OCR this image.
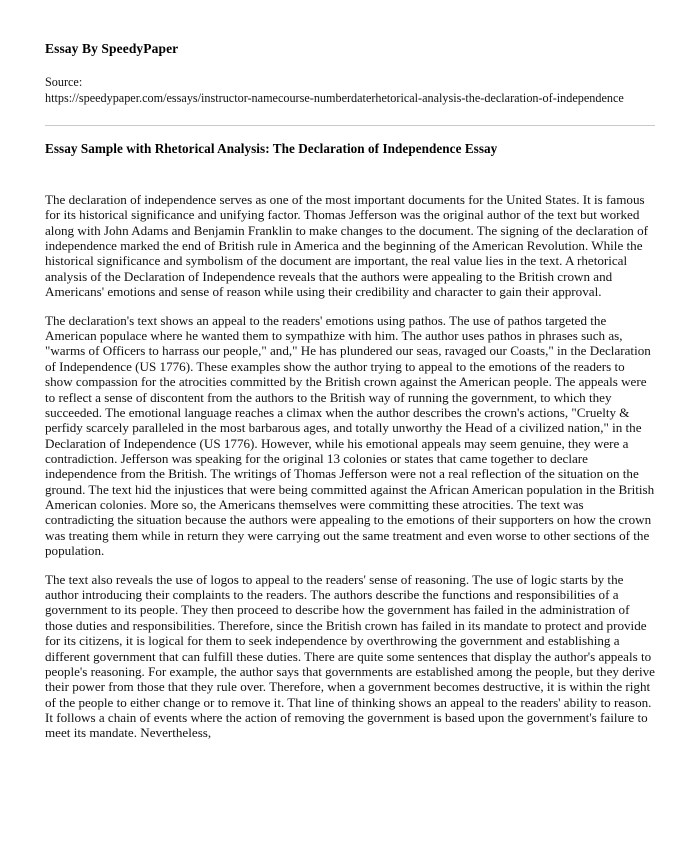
Essay By SpeedyPaper
Source:
https://speedypaper.com/essays/instructor-namecourse-numberdaterhetorical-analysis-the-declaration-of-independence
Essay Sample with Rhetorical Analysis: The Declaration of Independence Essay

The declaration of independence serves as one of the most important documents for the United States. It is famous for its historical significance and unifying factor. Thomas Jefferson was the original author of the text but worked along with John Adams and Benjamin Franklin to make changes to the document. The signing of the declaration of independence marked the end of British rule in America and the beginning of the American Revolution. While the historical significance and symbolism of the document are important, the real value lies in the text. A rhetorical analysis of the Declaration of Independence reveals that the authors were appealing to the British crown and Americans' emotions and sense of reason while using their credibility and character to gain their approval.

The declaration's text shows an appeal to the readers' emotions using pathos. The use of pathos targeted the American populace where he wanted them to sympathize with him. The author uses pathos in phrases such as, "warms of Officers to harrass our people," and," He has plundered our seas, ravaged our Coasts," in the Declaration of Independence (US 1776). These examples show the author trying to appeal to the emotions of the readers to show compassion for the atrocities committed by the British crown against the American people. The appeals were to reflect a sense of discontent from the authors to the British way of running the government, to which they succeeded. The emotional language reaches a climax when the author describes the crown's actions, "Cruelty & perfidy scarcely paralleled in the most barbarous ages, and totally unworthy the Head of a civilized nation," in the Declaration of Independence (US 1776). However, while his emotional appeals may seem genuine, they were a contradiction. Jefferson was speaking for the original 13 colonies or states that came together to declare independence from the British. The writings of Thomas Jefferson were not a real reflection of the situation on the ground. The text hid the injustices that were being committed against the African American population in the British American colonies. More so, the Americans themselves were committing these atrocities. The text was contradicting the situation because the authors were appealing to the emotions of their supporters on how the crown was treating them while in return they were carrying out the same treatment and even worse to other sections of the population.

The text also reveals the use of logos to appeal to the readers' sense of reasoning. The use of logic starts by the author introducing their complaints to the readers. The authors describe the functions and responsibilities of a government to its people. They then proceed to describe how the government has failed in the administration of those duties and responsibilities. Therefore, since the British crown has failed in its mandate to protect and provide for its citizens, it is logical for them to seek independence by overthrowing the government and establishing a different government that can fulfill these duties. There are quite some sentences that display the author's appeals to people's reasoning. For example, the author says that governments are established among the people, but they derive their power from those that they rule over. Therefore, when a government becomes destructive, it is within the right of the people to either change or to remove it. That line of thinking shows an appeal to the readers' ability to reason. It follows a chain of events where the action of removing the government is based upon the government's failure to meet its mandate. Nevertheless,
